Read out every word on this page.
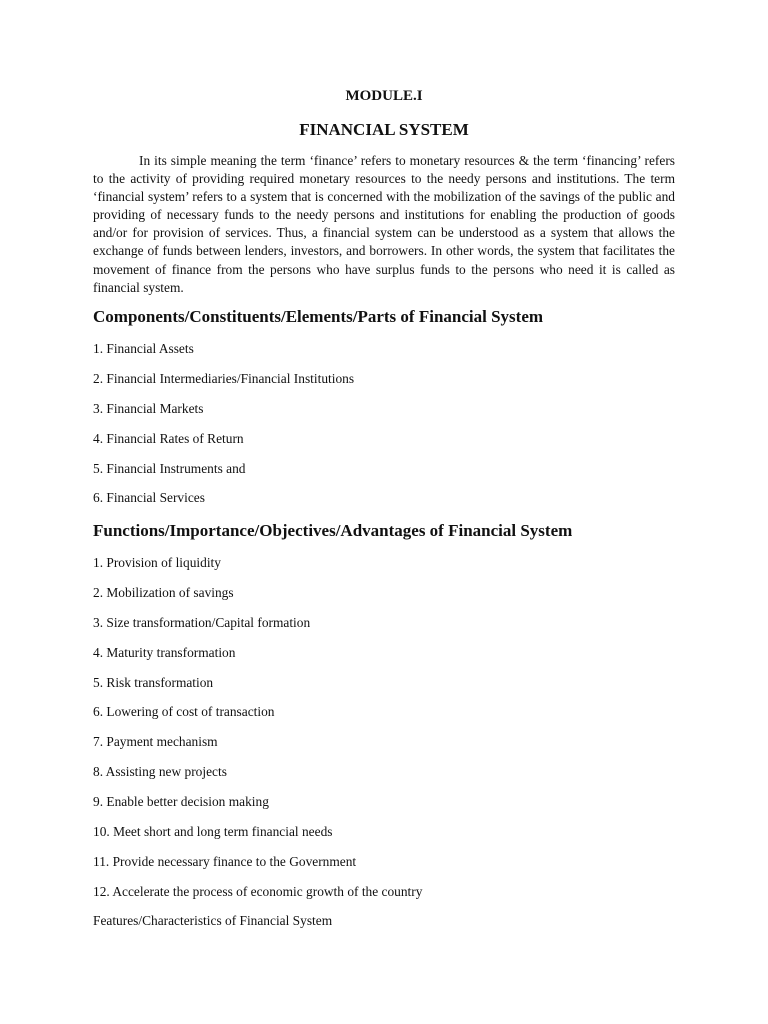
MODULE.I
FINANCIAL SYSTEM

In its simple meaning the term ‘finance’ refers to monetary resources & the term ‘financing’ refers to the activity of providing required monetary resources to the needy persons and institutions. The term ‘financial system’ refers to a system that is concerned with the mobilization of the savings of the public and providing of necessary funds to the needy persons and institutions for enabling the production of goods and/or for provision of services. Thus, a financial system can be understood as a system that allows the exchange of funds between lenders, investors, and borrowers. In other words, the system that facilitates the movement of finance from the persons who have surplus funds to the persons who need it is called as financial system.

Components/Constituents/Elements/Parts of Financial System
1. Financial Assets
2. Financial Intermediaries/Financial Institutions
3. Financial Markets
4. Financial Rates of Return
5. Financial Instruments and
6. Financial Services
Functions/Importance/Objectives/Advantages of Financial System
1. Provision of liquidity
2. Mobilization of savings
3. Size transformation/Capital formation
4. Maturity transformation
5. Risk transformation
6. Lowering of cost of transaction
7. Payment mechanism
8. Assisting new projects
9. Enable better decision making
10. Meet short and long term financial needs
11. Provide necessary finance to the Government
12. Accelerate the process of economic growth of the country
Features/Characteristics of Financial System
